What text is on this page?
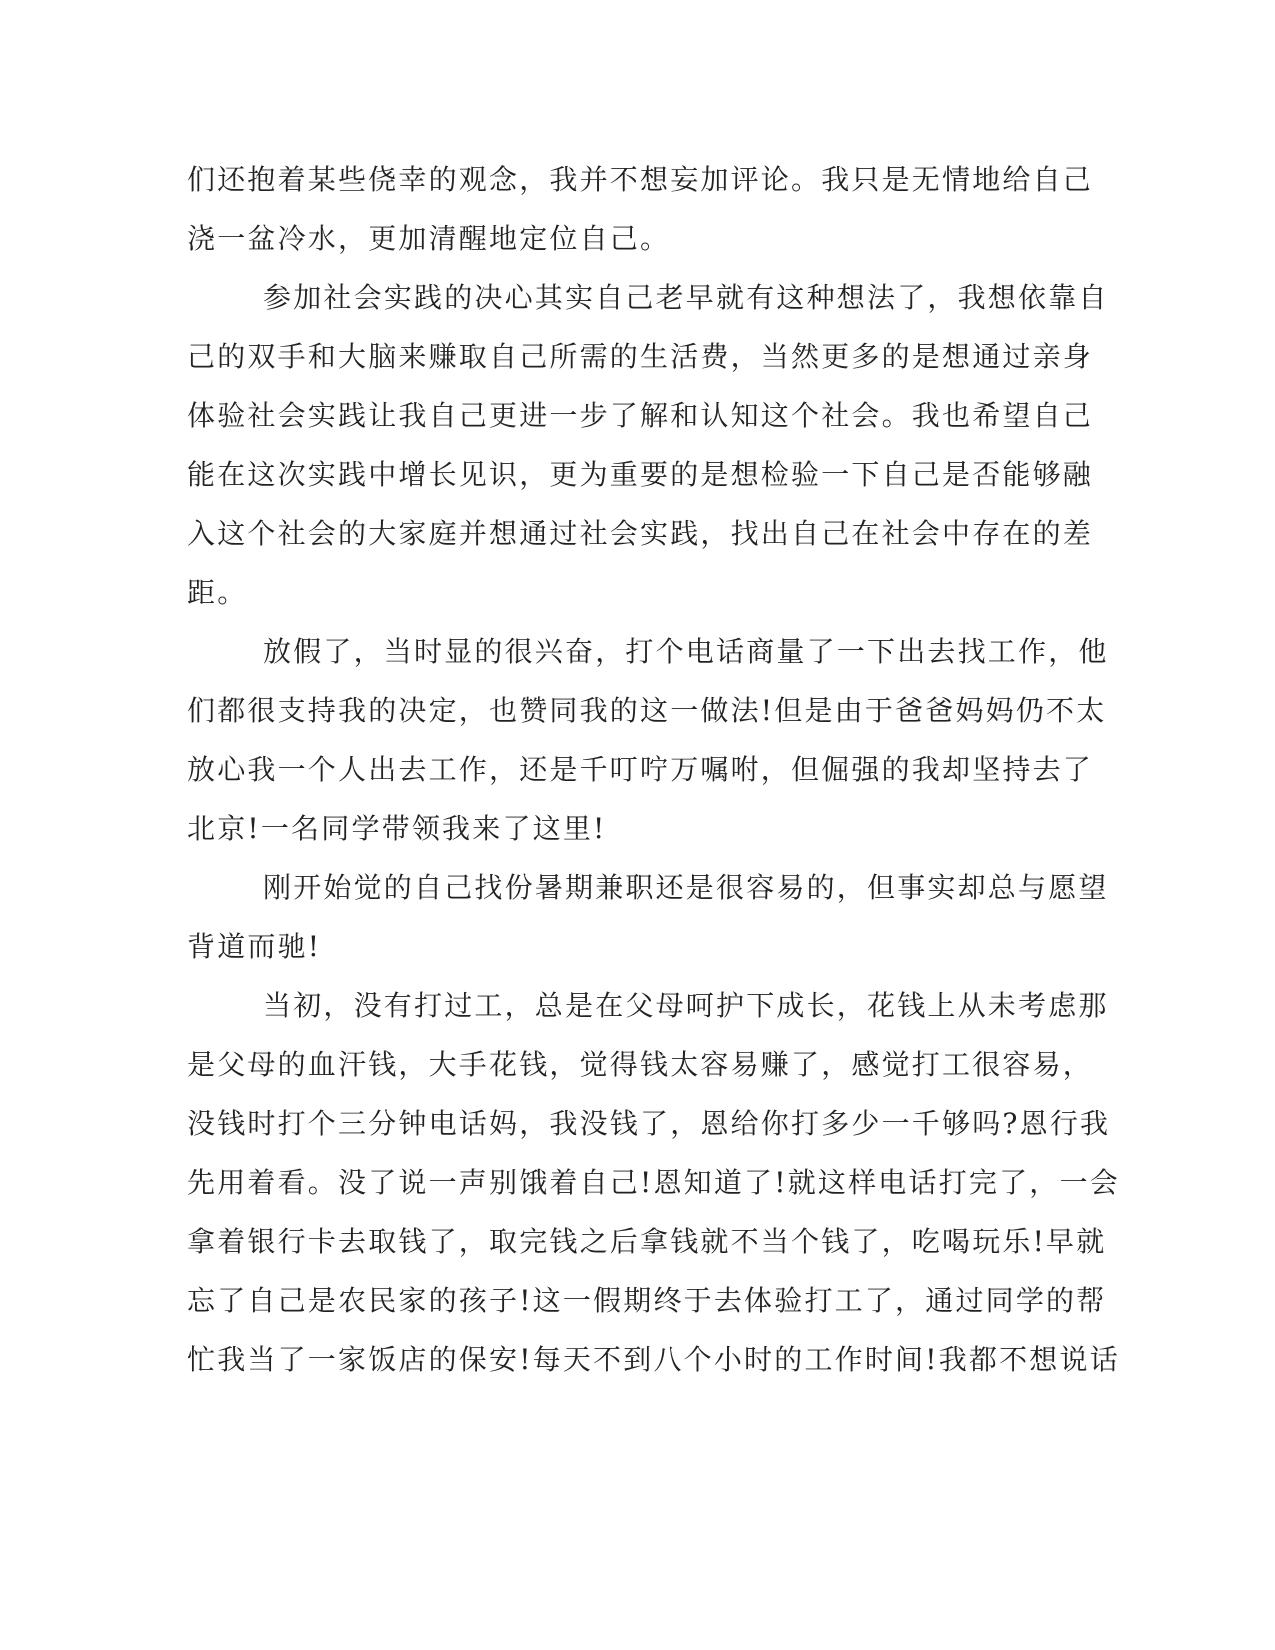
们还抱着某些侥幸的观念，我并不想妄加评论。我只是无情地给自己
浇一盆冷水，更加清醒地定位自己。
参加社会实践的决心其实自己老早就有这种想法了，我想依靠自
己的双手和大脑来赚取自己所需的生活费，当然更多的是想通过亲身
体验社会实践让我自己更进一步了解和认知这个社会。我也希望自己
能在这次实践中增长见识，更为重要的是想检验一下自己是否能够融
入这个社会的大家庭并想通过社会实践，找出自己在社会中存在的差
距。
放假了，当时显的很兴奋，打个电话商量了一下出去找工作，他
们都很支持我的决定，也赞同我的这一做法!但是由于爸爸妈妈仍不太
放心我一个人出去工作，还是千叮咛万嘱咐，但倔强的我却坚持去了
北京!一名同学带领我来了这里!
刚开始觉的自己找份暑期兼职还是很容易的，但事实却总与愿望
背道而驰!
当初，没有打过工，总是在父母呵护下成长，花钱上从未考虑那
是父母的血汗钱，大手花钱，觉得钱太容易赚了，感觉打工很容易，
没钱时打个三分钟电话妈，我没钱了，恩给你打多少一千够吗?恩行我
先用着看。没了说一声别饿着自己!恩知道了!就这样电话打完了，一会
拿着银行卡去取钱了，取完钱之后拿钱就不当个钱了，吃喝玩乐!早就
忘了自己是农民家的孩子!这一假期终于去体验打工了，通过同学的帮
忙我当了一家饭店的保安!每天不到八个小时的工作时间!我都不想说话
